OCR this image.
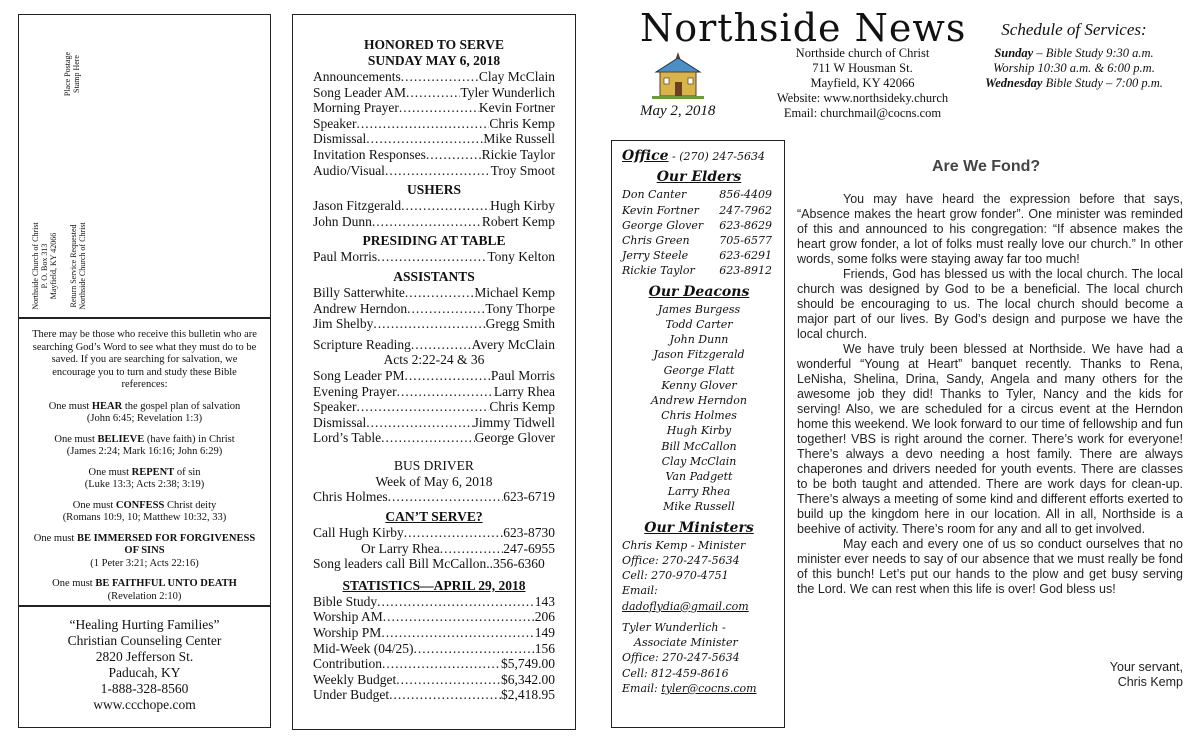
Place Postage Stamp Here
Northside Church of Christ P. O. Box 313 Mayfield, KY 42066 Return Service Requested Northside Church of Christ
There may be those who receive this bulletin who are searching God’s Word to see what they must do to be saved. If you are searching for salvation, we encourage you to turn and study these Bible references:
One must HEAR the gospel plan of salvation
(John 6:45; Revelation 1:3)
One must BELIEVE (have faith) in Christ
(James 2:24; Mark 16:16; John 6:29)
One must REPENT of sin
(Luke 13:3; Acts 2:38; 3:19)
One must CONFESS Christ deity
(Romans 10:9, 10; Matthew 10:32, 33)
One must BE IMMERSED FOR FORGIVENESS OF SINS
(1 Peter 3:21; Acts 22:16)
One must BE FAITHFUL UNTO DEATH
(Revelation 2:10)
“Healing Hurting Families”
Christian Counseling Center
2820 Jefferson St.
Paducah, KY
1-888-328-8560
www.ccchope.com
HONORED TO SERVE
SUNDAY MAY 6, 2018
Announcements .....	Clay McClain
Song Leader AM .....	Tyler Wunderlich
Morning Prayer .....	Kevin Fortner
Speaker .....	Chris Kemp
Dismissal .....	Mike Russell
Invitation Responses .....	Rickie Taylor
Audio/Visual .....	Troy Smoot
USHERS
Jason Fitzgerald .....	Hugh Kirby
John Dunn .....	Robert Kemp
PRESIDING AT TABLE
Paul Morris .....	Tony Kelton
ASSISTANTS
Billy Satterwhite .....	Michael Kemp
Andrew Herndon .....	Tony Thorpe
Jim Shelby .....	Gregg Smith
Scripture Reading .....	Avery McClain
Acts 2:22-24 & 36
Song Leader PM .....	Paul Morris
Evening Prayer .....	Larry Rhea
Speaker .....	Chris Kemp
Dismissal .....	Jimmy Tidwell
Lord’s Table .....	George Glover
BUS DRIVER
Week of May 6, 2018
Chris Holmes .....	623-6719
CAN’T SERVE?
Call Hugh Kirby .....	623-8730
Or Larry Rhea .....	247-6955
Song leaders call Bill McCallon..356-6360
STATISTICS—APRIL 29, 2018
Bible Study .....	143
Worship AM .....	206
Worship PM .....	149
Mid-Week (04/25) .....	156
Contribution .....	$5,749.00
Weekly Budget .....	$6,342.00
Under Budget .....	$2,418.95
Northside News
May 2, 2018
Northside church of Christ
711 W Housman St.
Mayfield, KY 42066
Website: www.northsideky.church
Email: churchmail@cocns.com
Schedule of Services:
Sunday – Bible Study 9:30 a.m.
Worship 10:30 a.m. & 6:00 p.m.
Wednesday Bible Study – 7:00 p.m.
Office - (270) 247-5634
Our Elders
Don Canter	856-4409
Kevin Fortner 247-7962
George Glover 623-8629
Chris Green	705-6577
Jerry Steele	623-6291
Rickie Taylor 623-8912
Our Deacons
James Burgess
Todd Carter
John Dunn
Jason Fitzgerald
George Flatt
Kenny Glover
Andrew Herndon
Chris Holmes
Hugh Kirby
Bill McCallon
Clay McClain
Van Padgett
Larry Rhea
Mike Russell
Our Ministers
Chris Kemp - Minister
Office: 270-247-5634
Cell: 270-970-4751
Email: dadoflydia@gmail.com
Tyler Wunderlich -
Associate Minister
Office: 270-247-5634
Cell: 812-459-8616
Email: tyler@cocns.com
Are We Fond?

You may have heard the expression before that says, “Absence makes the heart grow fonder”. One minister was reminded of this and announced to his congregation: “If absence makes the heart grow fonder, a lot of folks must really love our church.” In other words, some folks were staying away far too much!

Friends, God has blessed us with the local church. The local church was designed by God to be a beneficial. The local church should be encouraging to us. The local church should become a major part of our lives. By God’s design and purpose we have the local church.

We have truly been blessed at Northside. We have had a wonderful “Young at Heart” banquet recently. Thanks to Rena, LeNisha, Shelina, Drina, Sandy, Angela and many others for the awesome job they did! Thanks to Tyler, Nancy and the kids for serving! Also, we are scheduled for a circus event at the Herndon home this weekend. We look forward to our time of fellowship and fun together! VBS is right around the corner. There’s work for everyone! There’s always a devo needing a host family. There are always chaperones and drivers needed for youth events. There are classes to be both taught and attended. There are work days for clean-up. There’s always a meeting of some kind and different efforts exerted to build up the kingdom here in our location. All in all, Northside is a beehive of activity. There’s room for any and all to get involved.

May each and every one of us so conduct ourselves that no minister ever needs to say of our absence that we must really be fond of this bunch! Let’s put our hands to the plow and get busy serving the Lord. We can rest when this life is over! God bless us!

Your servant,
Chris Kemp
